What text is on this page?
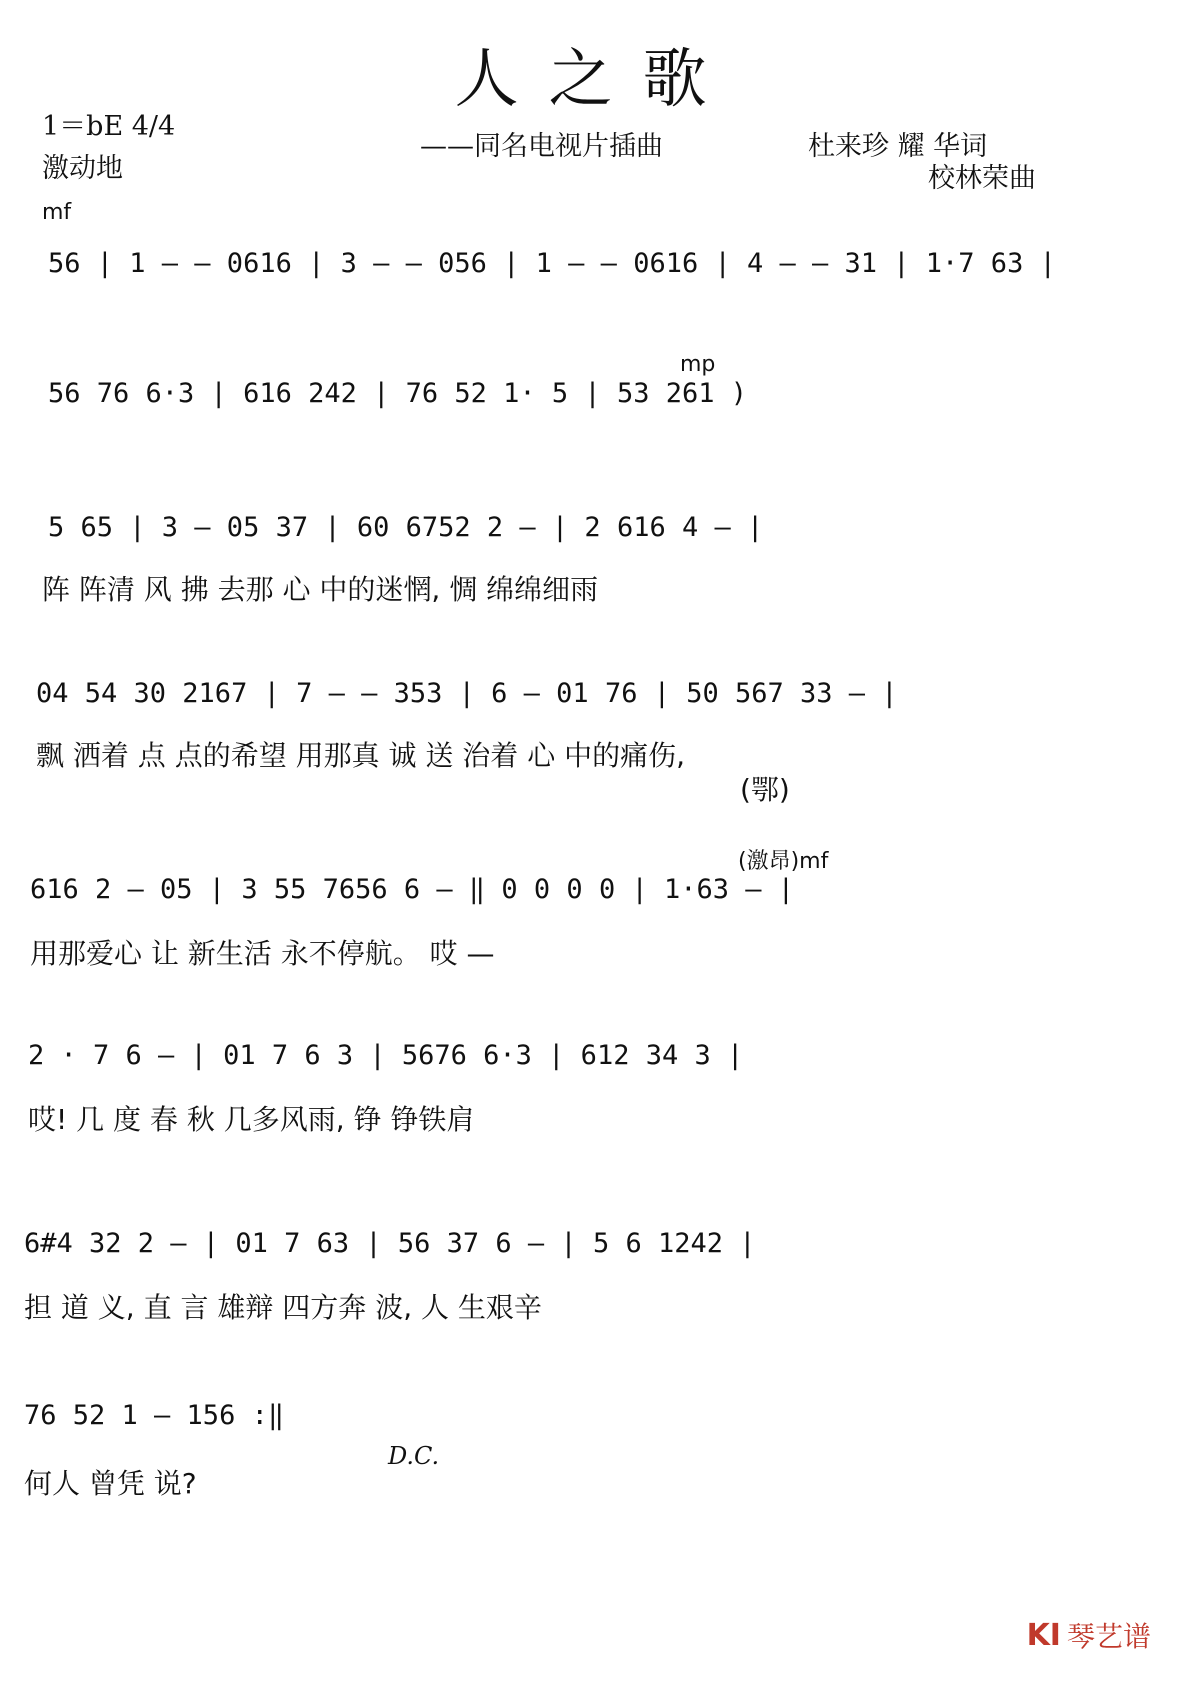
人之歌
1＝bE 4/4
激动地
——同名电视片插曲	杜来珍 耀 华词
校林荣曲
mf
mp
(激昂)mf
56 | 1 — — 0616 | 3 — — 056 | 1 — — 0616 | 4 — — 31 | 1·7 63 |
56 76 6·3 | 616 242 | 76 52 1· 5 | 53 261 )
5 65 | 3 — 05 37 | 60 6752 2 — | 2 616 4 — |
阵 阵清 风 拂 去那 心 中的迷惘, 惆 绵绵细雨
04 54 30 2167 | 7 — — 353 | 6 — 01 76 | 50 567 33 — |
飘 洒着 点 点的希望 用那真 诚 送 治着 心 中的痛伤,
(鄂)
616 2 — 05 | 3 55 7656 6 — ‖ 0 0 0 0 | 1·63 — |
用那爱心 让 新生活 永不停航。 哎 —
2 · 7 6 — | 01 7 6 3 | 5676 6·3 | 612 34 3 |
哎! 几 度 春 秋 几多风雨, 铮 铮铁肩
6#4 32 2 — | 01 7 63 | 56 37 6 — | 5 6 1242 |
担 道 义, 直 言 雄辩 四方奔 波, 人 生艰辛
76 52 1 — 156 :‖
何人 曾凭 说?
D.C.
KI 琴艺谱
